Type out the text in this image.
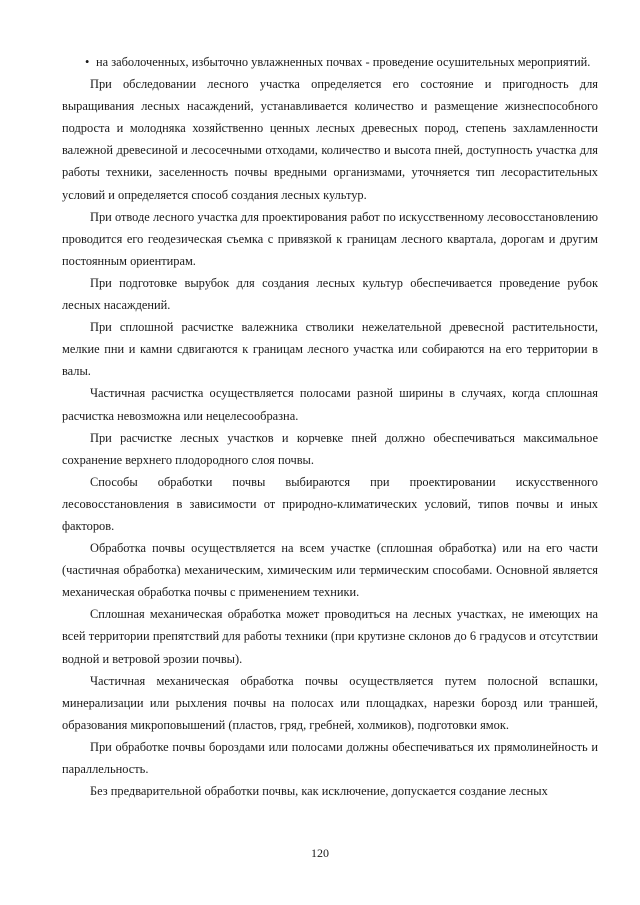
• на заболоченных, избыточно увлажненных почвах - проведение осушительных мероприятий.

При обследовании лесного участка определяется его состояние и пригодность для выращивания лесных насаждений, устанавливается количество и размещение жизнеспособного подроста и молодняка хозяйственно ценных лесных древесных пород, степень захламленности валежной древесиной и лесосечными отходами, количество и высота пней, доступность участка для работы техники, заселенность почвы вредными организмами, уточняется тип лесорастительных условий и определяется способ создания лесных культур.

При отводе лесного участка для проектирования работ по искусственному лесовосстановлению проводится его геодезическая съемка с привязкой к границам лесного квартала, дорогам и другим постоянным ориентирам.

При подготовке вырубок для создания лесных культур обеспечивается проведение рубок лесных насаждений.

При сплошной расчистке валежника стволики нежелательной древесной растительности, мелкие пни и камни сдвигаются к границам лесного участка или собираются на его территории в валы.

Частичная расчистка осуществляется полосами разной ширины в случаях, когда сплошная расчистка невозможна или нецелесообразна.

При расчистке лесных участков и корчевке пней должно обеспечиваться максимальное сохранение верхнего плодородного слоя почвы.

Способы обработки почвы выбираются при проектировании искусственного лесовосстановления в зависимости от природно-климатических условий, типов почвы и иных факторов.

Обработка почвы осуществляется на всем участке (сплошная обработка) или на его части (частичная обработка) механическим, химическим или термическим способами. Основной является механическая обработка почвы с применением техники.

Сплошная механическая обработка может проводиться на лесных участках, не имеющих на всей территории препятствий для работы техники (при крутизне склонов до 6 градусов и отсутствии водной и ветровой эрозии почвы).

Частичная механическая обработка почвы осуществляется путем полосной вспашки, минерализации или рыхления почвы на полосах или площадках, нарезки борозд или траншей, образования микроповышений (пластов, гряд, гребней, холмиков), подготовки ямок.

При обработке почвы бороздами или полосами должны обеспечиваться их прямолинейность и параллельность.

Без предварительной обработки почвы, как исключение, допускается создание лесных

120
